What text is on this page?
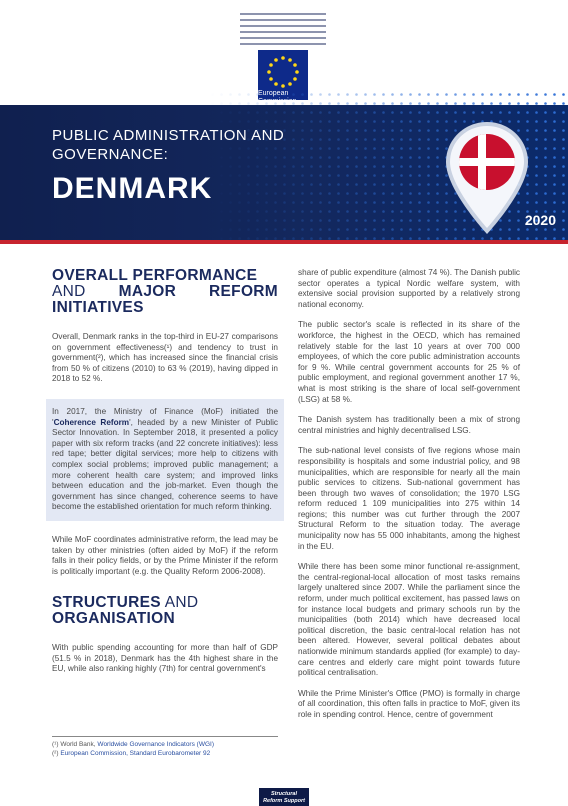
PUBLIC ADMINISTRATION AND
GOVERNANCE:
DENMARK
2020
OVERALL PERFORMANCE
AND MAJOR REFORM INITIATIVES

Overall, Denmark ranks in the top-third in EU-27 comparisons on government effectiveness(¹) and tendency to trust in government(²), which has increased since the financial crisis from 50 % of citizens (2010) to 63 % (2019), having dipped in 2018 to 52 %.

In 2017, the Ministry of Finance (MoF) initiated the 'Coherence Reform', headed by a new Minister of Public Sector Innovation. In September 2018, it presented a policy paper with six reform tracks (and 22 concrete initiatives): less red tape; better digital services; more help to citizens with complex social problems; improved public management; a more coherent health care system; and improved links between education and the job-market. Even though the government has since changed, coherence seems to have become the established orientation for much reform thinking.

While MoF coordinates administrative reform, the lead may be taken by other ministries (often aided by MoF) if the reform falls in their policy fields, or by the Prime Minister if the reform is politically important (e.g. the Quality Reform 2006-2008).

STRUCTURES AND
ORGANISATION

With public spending accounting for more than half of GDP (51.5 % in 2018), Denmark has the 4th highest share in the EU, while also ranking highly (7th) for central government's

(¹) World Bank, Worldwide Governance Indicators (WGI)
(²) European Commission, Standard Eurobarometer 92

share of public expenditure (almost 74 %). The Danish public sector operates a typical Nordic welfare system, with extensive social provision supported by a relatively strong national economy.

The public sector's scale is reflected in its share of the workforce, the highest in the OECD, which has remained relatively stable for the last 10 years at over 700 000 employees, of which the core public administration accounts for 9 %. While central government accounts for 25 % of public employment, and regional government another 17 %, what is most striking is the share of local self-government (LSG) at 58 %.

The Danish system has traditionally been a mix of strong central ministries and highly decentralised LSG.

The sub-national level consists of five regions whose main responsibility is hospitals and some industrial policy, and 98 municipalities, which are responsible for nearly all the main public services to citizens. Sub-national government has been through two waves of consolidation; the 1970 LSG reform reduced 1 109 municipalities into 275 within 14 regions; this number was cut further through the 2007 Structural Reform to the situation today. The average municipality now has 55 000 inhabitants, among the highest in the EU.

While there has been some minor functional re-assignment, the central-regional-local allocation of most tasks remains largely unaltered since 2007. While the parliament since the reform, under much political excitement, has passed laws on for instance local budgets and primary schools run by the municipalities (both 2014) which have decreased local political discretion, the basic central-local relation has not been altered. However, several political debates about nationwide minimum standards applied (for example) to day-care centres and elderly care might point towards future political centralisation.

While the Prime Minister's Office (PMO) is formally in charge of all coordination, this often falls in practice to MoF, given its role in spending control. Hence, centre of government

Structural
Reform Support
